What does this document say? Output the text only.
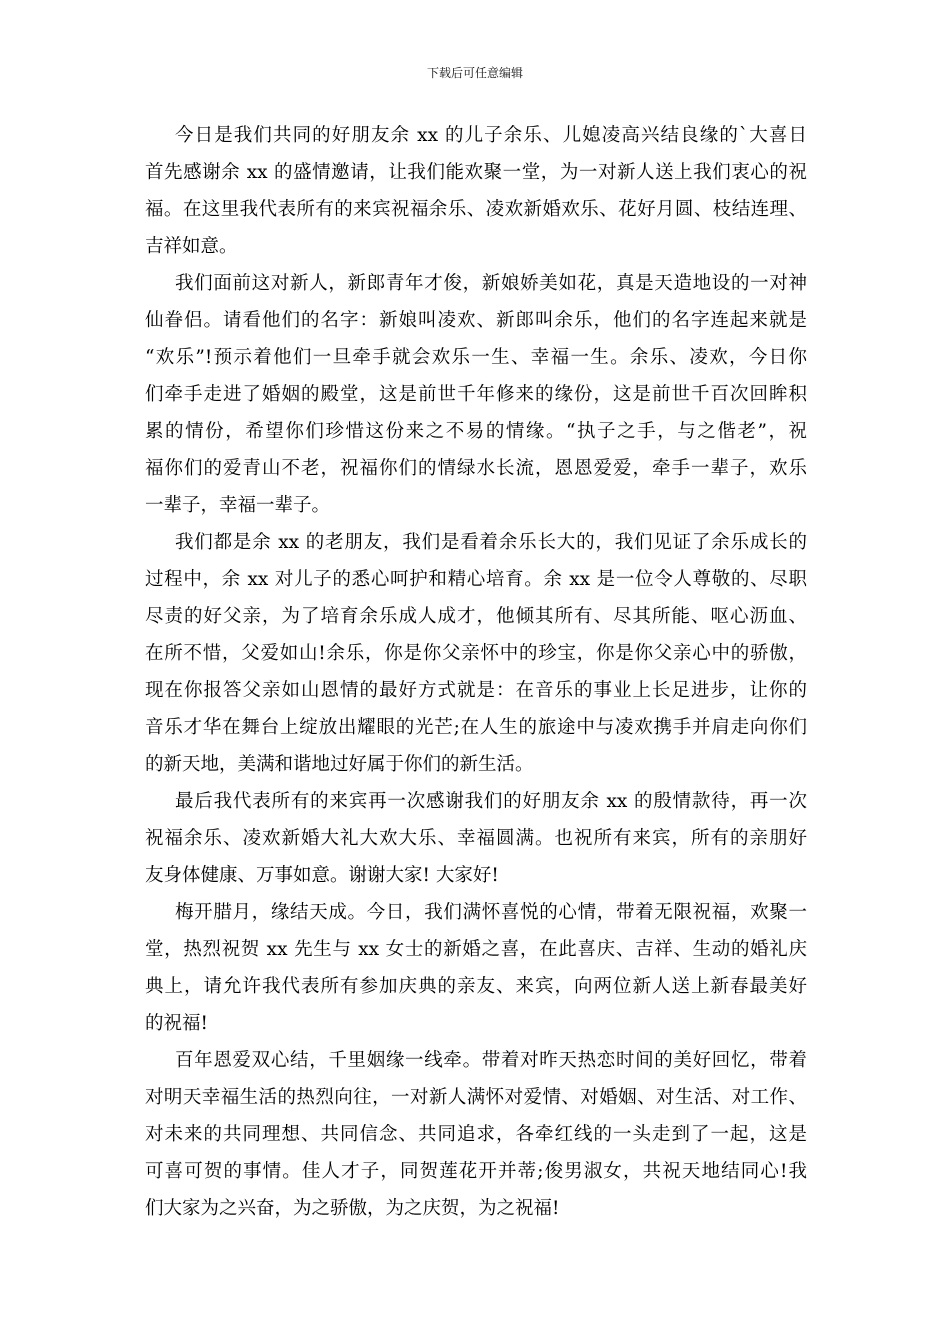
下载后可任意编辑
今日是我们共同的好朋友余 xx 的儿子余乐、儿媳凌高兴结良缘的`大喜日
首先感谢余 xx 的盛情邀请，让我们能欢聚一堂，为一对新人送上我们衷心的祝
福。在这里我代表所有的来宾祝福余乐、凌欢新婚欢乐、花好月圆、枝结连理、
吉祥如意。
我们面前这对新人，新郎青年才俊，新娘娇美如花，真是天造地设的一对神
仙眷侣。请看他们的名字：新娘叫凌欢、新郎叫余乐，他们的名字连起来就是
“欢乐”!预示着他们一旦牵手就会欢乐一生、幸福一生。余乐、凌欢，今日你
们牵手走进了婚姻的殿堂，这是前世千年修来的缘份，这是前世千百次回眸积
累的情份，希望你们珍惜这份来之不易的情缘。“执子之手，与之偕老”，祝
福你们的爱青山不老，祝福你们的情绿水长流，恩恩爱爱，牵手一辈子，欢乐
一辈子，幸福一辈子。
我们都是余 xx 的老朋友，我们是看着余乐长大的，我们见证了余乐成长的
过程中，余 xx 对儿子的悉心呵护和精心培育。余 xx 是一位令人尊敬的、尽职
尽责的好父亲，为了培育余乐成人成才，他倾其所有、尽其所能、呕心沥血、
在所不惜，父爱如山!余乐，你是你父亲怀中的珍宝，你是你父亲心中的骄傲，
现在你报答父亲如山恩情的最好方式就是：在音乐的事业上长足进步，让你的
音乐才华在舞台上绽放出耀眼的光芒;在人生的旅途中与凌欢携手并肩走向你们
的新天地，美满和谐地过好属于你们的新生活。
最后我代表所有的来宾再一次感谢我们的好朋友余 xx 的殷情款待，再一次
祝福余乐、凌欢新婚大礼大欢大乐、幸福圆满。也祝所有来宾，所有的亲朋好
友身体健康、万事如意。谢谢大家! 大家好!
梅开腊月，缘结天成。今日，我们满怀喜悦的心情，带着无限祝福，欢聚一
堂，热烈祝贺 xx 先生与 xx 女士的新婚之喜，在此喜庆、吉祥、生动的婚礼庆
典上，请允许我代表所有参加庆典的亲友、来宾，向两位新人送上新春最美好
的祝福!
百年恩爱双心结，千里姻缘一线牵。带着对昨天热恋时间的美好回忆，带着
对明天幸福生活的热烈向往，一对新人满怀对爱情、对婚姻、对生活、对工作、
对未来的共同理想、共同信念、共同追求，各牵红线的一头走到了一起，这是
可喜可贺的事情。佳人才子，同贺莲花开并蒂;俊男淑女，共祝天地结同心!我
们大家为之兴奋，为之骄傲，为之庆贺，为之祝福!
